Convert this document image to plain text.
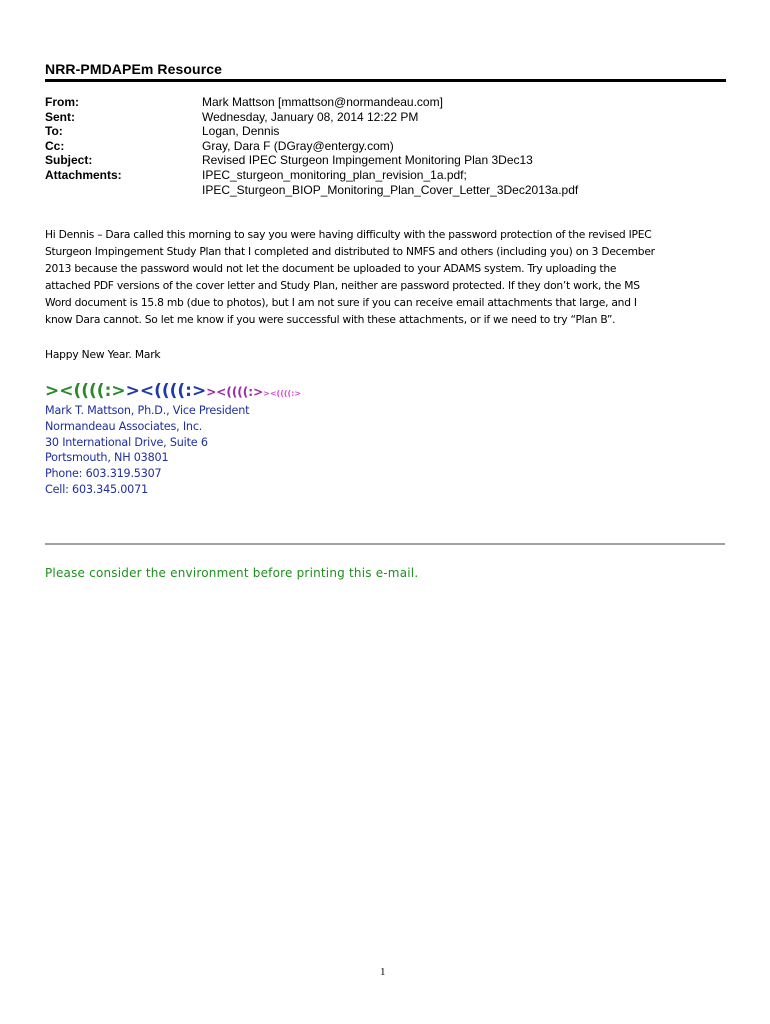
NRR-PMDAPEm Resource
From:	Mark Mattson [mmattson@normandeau.com]
Sent:	Wednesday, January 08, 2014 12:22 PM
To:	Logan, Dennis
Cc:	Gray, Dara F (DGray@entergy.com)
Subject:	Revised IPEC Sturgeon Impingement Monitoring Plan 3Dec13
Attachments:	IPEC_sturgeon_monitoring_plan_revision_1a.pdf;
IPEC_Sturgeon_BIOP_Monitoring_Plan_Cover_Letter_3Dec2013a.pdf
Hi Dennis – Dara called this morning to say you were having difficulty with the password protection of the revised IPEC
Sturgeon Impingement Study Plan that I completed and distributed to NMFS and others (including you) on 3 December
2013 because the password would not let the document be uploaded to your ADAMS system. Try uploading the
attached PDF versions of the cover letter and Study Plan, neither are password protected. If they don’t work, the MS
Word document is 15.8 mb (due to photos), but I am not sure if you can receive email attachments that large, and I
know Dara cannot. So let me know if you were successful with these attachments, or if we need to try “Plan B”.
Happy New Year. Mark
><((((:>><((((:>><((((:>><((((:>
Mark T. Mattson, Ph.D., Vice President
Normandeau Associates, Inc.
30 International Drive, Suite 6
Portsmouth, NH 03801
Phone: 603.319.5307
Cell: 603.345.0071
Please consider the environment before printing this e-mail.
1
